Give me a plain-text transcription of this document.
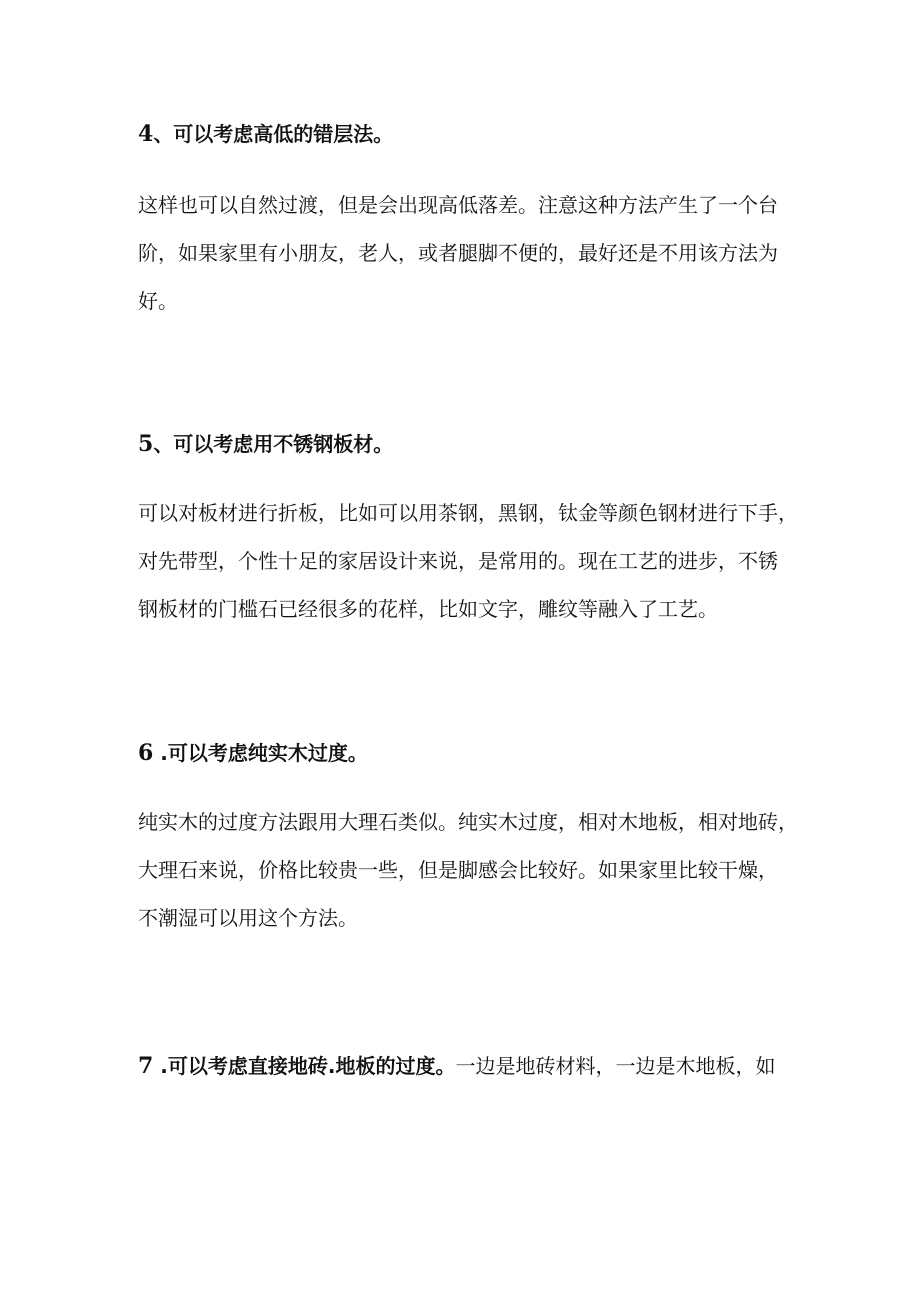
4、可以考虑高低的错层法。
这样也可以自然过渡，但是会出现高低落差。注意这种方法产生了一个台
阶，如果家里有小朋友，老人，或者腿脚不便的，最好还是不用该方法为
好。
5、可以考虑用不锈钢板材。
可以对板材进行折板，比如可以用茶钢，黑钢，钛金等颜色钢材进行下手，
对先带型，个性十足的家居设计来说，是常用的。现在工艺的进步，不锈
钢板材的门槛石已经很多的花样，比如文字，雕纹等融入了工艺。
6 .可以考虑纯实木过度。
纯实木的过度方法跟用大理石类似。纯实木过度，相对木地板，相对地砖，
大理石来说，价格比较贵一些，但是脚感会比较好。如果家里比较干燥，
不潮湿可以用这个方法。
7 .可以考虑直接地砖.地板的过度。一边是地砖材料，一边是木地板，如
